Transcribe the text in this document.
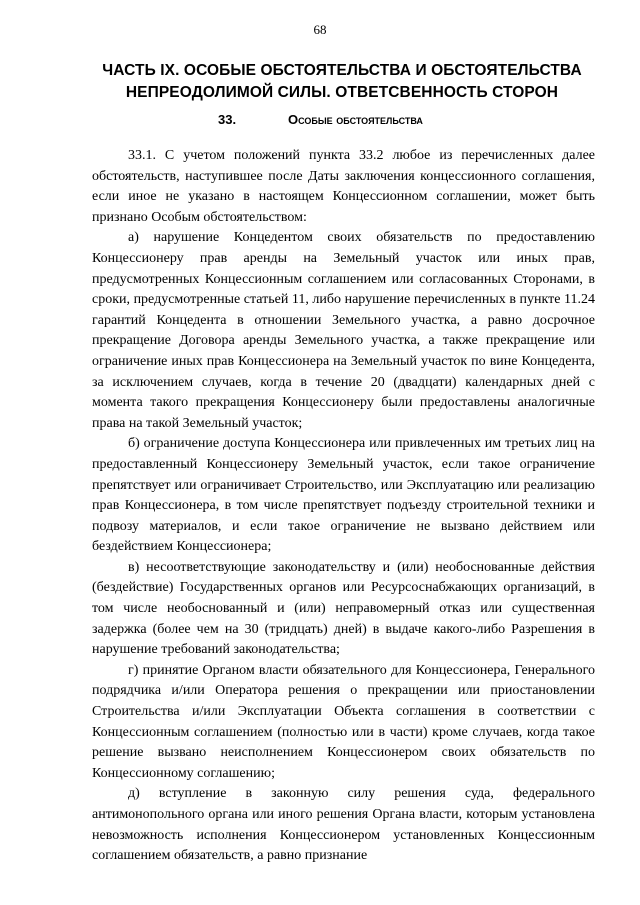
68
ЧАСТЬ IX. ОСОБЫЕ ОБСТОЯТЕЛЬСТВА И ОБСТОЯТЕЛЬСТВА НЕПРЕОДОЛИМОЙ СИЛЫ. ОТВЕТСВЕННОСТЬ СТОРОН
33.	Особые обстоятельства

33.1. С учетом положений пункта 33.2 любое из перечисленных далее обстоятельств, наступившее после Даты заключения концессионного соглашения, если иное не указано в настоящем Концессионном соглашении, может быть признано Особым обстоятельством:

а) нарушение Концедентом своих обязательств по предоставлению Концессионеру прав аренды на Земельный участок или иных прав, предусмотренных Концессионным соглашением или согласованных Сторонами, в сроки, предусмотренные статьей 11, либо нарушение перечисленных в пункте 11.24 гарантий Концедента в отношении Земельного участка, а равно досрочное прекращение Договора аренды Земельного участка, а также прекращение или ограничение иных прав Концессионера на Земельный участок по вине Концедента, за исключением случаев, когда в течение 20 (двадцати) календарных дней с момента такого прекращения Концессионеру были предоставлены аналогичные права на такой Земельный участок;

б) ограничение доступа Концессионера или привлеченных им третьих лиц на предоставленный Концессионеру Земельный участок, если такое ограничение препятствует или ограничивает Строительство, или Эксплуатацию или реализацию прав Концессионера, в том числе препятствует подъезду строительной техники и подвозу материалов, и если такое ограничение не вызвано действием или бездействием Концессионера;

в) несоответствующие законодательству и (или) необоснованные действия (бездействие) Государственных органов или Ресурсоснабжающих организаций, в том числе необоснованный и (или) неправомерный отказ или существенная задержка (более чем на 30 (тридцать) дней) в выдаче какого-либо Разрешения в нарушение требований законодательства;

г) принятие Органом власти обязательного для Концессионера, Генерального подрядчика и/или Оператора решения о прекращении или приостановлении Строительства и/или Эксплуатации Объекта соглашения в соответствии с Концессионным соглашением (полностью или в части) кроме случаев, когда такое решение вызвано неисполнением Концессионером своих обязательств по Концессионному соглашению;

д) вступление в законную силу решения суда, федерального антимонопольного органа или иного решения Органа власти, которым установлена невозможность исполнения Концессионером установленных Концессионным соглашением обязательств, а равно признание
